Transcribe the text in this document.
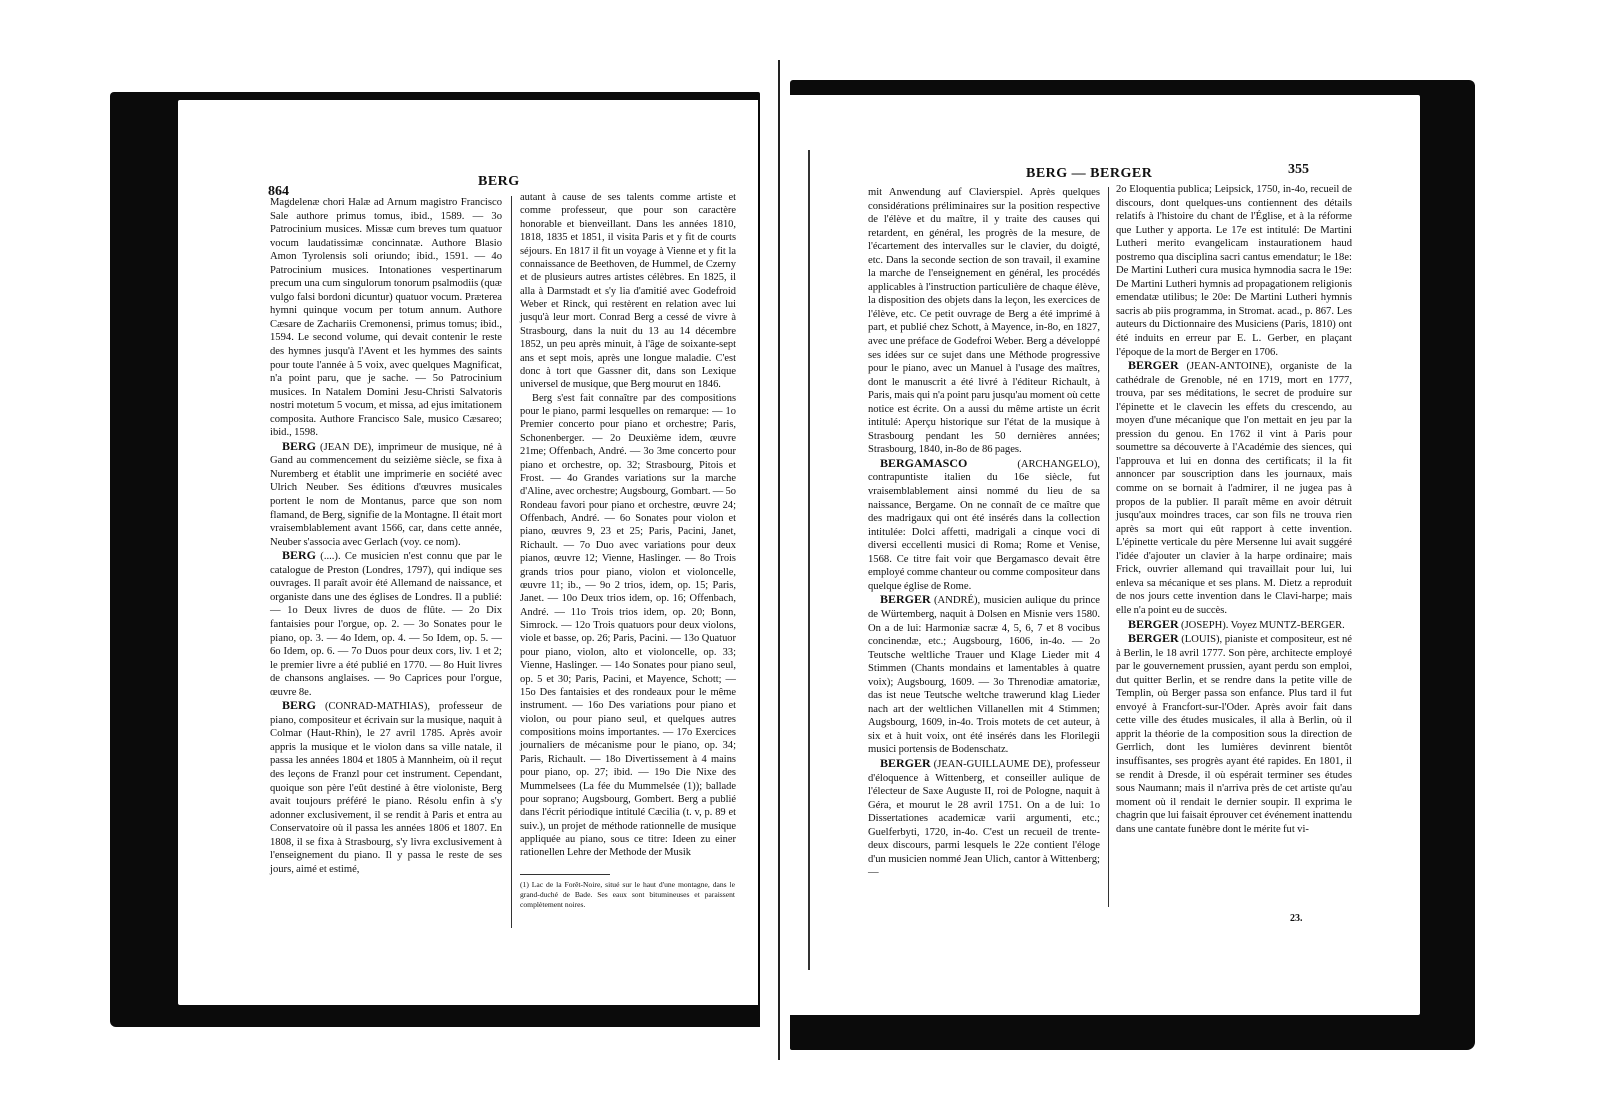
864
BERG

Magdelenæ chori Halæ ad Arnum magistro Francisco Sale authore primus tomus, ibid., 1589. — 3o Patrocinium musices. Missæ cum breves tum quatuor vocum laudatissimæ concinnatæ. Authore Blasio Amon Tyrolensis soli oriundo; ibid., 1591. — 4o Patrocinium musices. Intonationes vespertinarum precum una cum singulorum tonorum psalmodiis (quæ vulgo falsi bordoni dicuntur) quatuor vocum. Præterea hymni quinque vocum per totum annum. Authore Cæsare de Zachariis Cremonensi, primus tomus; ibid., 1594. Le second volume, qui devait contenir le reste des hymnes jusqu'à l'Avent et les hymmes des saints pour toute l'année à 5 voix, avec quelques Magnificat, n'a point paru, que je sache. — 5o Patrocinium musices. In Natalem Domini Jesu-Christi Salvatoris nostri motetum 5 vocum, et missa, ad ejus imitationem composita. Authore Francisco Sale, musico Cæsareo; ibid., 1598.

BERG (JEAN DE), imprimeur de musique, né à Gand au commencement du seizième siècle, se fixa à Nuremberg et établit une imprimerie en société avec Ulrich Neuber. Ses éditions d'œuvres musicales portent le nom de Montanus, parce que son nom flamand, de Berg, signifie de la Montagne. Il était mort vraisemblablement avant 1566, car, dans cette année, Neuber s'associa avec Gerlach (voy. ce nom).

BERG (....). Ce musicien n'est connu que par le catalogue de Preston (Londres, 1797), qui indique ses ouvrages. Il paraît avoir été Allemand de naissance, et organiste dans une des églises de Londres. Il a publié: — 1o Deux livres de duos de flûte. — 2o Dix fantaisies pour l'orgue, op. 2. — 3o Sonates pour le piano, op. 3. — 4o Idem, op. 4. — 5o Idem, op. 5. — 6o Idem, op. 6. — 7o Duos pour deux cors, liv. 1 et 2; le premier livre a été publié en 1770. — 8o Huit livres de chansons anglaises. — 9o Caprices pour l'orgue, œuvre 8e.

BERG (CONRAD-MATHIAS), professeur de piano, compositeur et écrivain sur la musique, naquit à Colmar (Haut-Rhin), le 27 avril 1785. Après avoir appris la musique et le violon dans sa ville natale, il passa les années 1804 et 1805 à Mannheim, où il reçut des leçons de Franzl pour cet instrument. Cependant, quoique son père l'eût destiné à être violoniste, Berg avait toujours préféré le piano. Résolu enfin à s'y adonner exclusivement, il se rendit à Paris et entra au Conservatoire où il passa les années 1806 et 1807. En 1808, il se fixa à Strasbourg, s'y livra exclusivement à l'enseignement du piano. Il y passa le reste de ses jours, aimé et estimé,

autant à cause de ses talents comme artiste et comme professeur, que pour son caractère honorable et bienveillant. Dans les années 1810, 1818, 1835 et 1851, il visita Paris et y fit de courts séjours. En 1817 il fit un voyage à Vienne et y fit la connaissance de Beethoven, de Hummel, de Czerny et de plusieurs autres artistes célèbres. En 1825, il alla à Darmstadt et s'y lia d'amitié avec Godefroid Weber et Rinck, qui restèrent en relation avec lui jusqu'à leur mort. Conrad Berg a cessé de vivre à Strasbourg, dans la nuit du 13 au 14 décembre 1852, un peu après minuit, à l'âge de soixante-sept ans et sept mois, après une longue maladie. C'est donc à tort que Gassner dit, dans son Lexique universel de musique, que Berg mourut en 1846.

Berg s'est fait connaître par des compositions pour le piano, parmi lesquelles on remarque: — 1o Premier concerto pour piano et orchestre; Paris, Schonenberger. — 2o Deuxième idem, œuvre 21me; Offenbach, André. — 3o 3me concerto pour piano et orchestre, op. 32; Strasbourg, Pitois et Frost. — 4o Grandes variations sur la marche d'Aline, avec orchestre; Augsbourg, Gombart. — 5o Rondeau favori pour piano et orchestre, œuvre 24; Offenbach, André. — 6o Sonates pour violon et piano, œuvres 9, 23 et 25; Paris, Pacini, Janet, Richault. — 7o Duo avec variations pour deux pianos, œuvre 12; Vienne, Haslinger. — 8o Trois grands trios pour piano, violon et violoncelle, œuvre 11; ib., — 9o 2 trios, idem, op. 15; Paris, Janet. — 10o Deux trios idem, op. 16; Offenbach, André. — 11o Trois trios idem, op. 20; Bonn, Simrock. — 12o Trois quatuors pour deux violons, viole et basse, op. 26; Paris, Pacini. — 13o Quatuor pour piano, violon, alto et violoncelle, op. 33; Vienne, Haslinger. — 14o Sonates pour piano seul, op. 5 et 30; Paris, Pacini, et Mayence, Schott; — 15o Des fantaisies et des rondeaux pour le même instrument. — 16o Des variations pour piano et violon, ou pour piano seul, et quelques autres compositions moins importantes. — 17o Exercices journaliers de mécanisme pour le piano, op. 34; Paris, Richault. — 18o Divertissement à 4 mains pour piano, op. 27; ibid. — 19o Die Nixe des Mummelsees (La fée du Mummelsée (1)); ballade pour soprano; Augsbourg, Gombert. Berg a publié dans l'écrit périodique intitulé Cæcilia (t. v, p. 89 et suiv.), un projet de méthode rationnelle de musique appliquée au piano, sous ce titre: Ideen zu einer rationellen Lehre der Methode der Musik

(1) Lac de la Forêt-Noire, situé sur le haut d'une montagne, dans le grand-duché de Bade. Ses eaux sont bitumineuses et paraissent complètement noires.
BERG — BERGER	355

mit Anwendung auf Clavierspiel. Après quelques considérations préliminaires sur la position respective de l'élève et du maître, il y traite des causes qui retardent, en général, les progrès de la mesure, de l'écartement des intervalles sur le clavier, du doigté, etc. Dans la seconde section de son travail, il examine la marche de l'enseignement en général, les procédés applicables à l'instruction particulière de chaque élève, la disposition des objets dans la leçon, les exercices de l'élève, etc. Ce petit ouvrage de Berg a été imprimé à part, et publié chez Schott, à Mayence, in-8o, en 1827, avec une préface de Godefroi Weber. Berg a développé ses idées sur ce sujet dans une Méthode progressive pour le piano, avec un Manuel à l'usage des maîtres, dont le manuscrit a été livré à l'éditeur Richault, à Paris, mais qui n'a point paru jusqu'au moment où cette notice est écrite. On a aussi du même artiste un écrit intitulé: Aperçu historique sur l'état de la musique à Strasbourg pendant les 50 dernières années; Strasbourg, 1840, in-8o de 86 pages.

BERGAMASCO (ARCHANGELO), contrapuntiste italien du 16e siècle, fut vraisemblablement ainsi nommé du lieu de sa naissance, Bergame. On ne connaît de ce maître que des madrigaux qui ont été insérés dans la collection intitulée: Dolci affetti, madrigali a cinque voci di diversi eccellenti musici di Roma; Rome et Venise, 1568. Ce titre fait voir que Bergamasco devait être employé comme chanteur ou comme compositeur dans quelque église de Rome.

BERGER (ANDRÉ), musicien aulique du prince de Würtemberg, naquit à Dolsen en Misnie vers 1580. On a de lui: Harmoniæ sacræ 4, 5, 6, 7 et 8 vocibus concinendæ, etc.; Augsbourg, 1606, in-4o. — 2o Teutsche weltliche Trauer und Klage Lieder mit 4 Stimmen (Chants mondains et lamentables à quatre voix); Augsbourg, 1609. — 3o Threnodiæ amatoriæ, das ist neue Teutsche weltche trawerund klag Lieder nach art der weltlichen Villanellen mit 4 Stimmen; Augsbourg, 1609, in-4o. Trois motets de cet auteur, à six et à huit voix, ont été insérés dans les Florilegii musici portensis de Bodenschatz.

BERGER (JEAN-GUILLAUME DE), professeur d'éloquence à Wittenberg, et conseiller aulique de l'électeur de Saxe Auguste II, roi de Pologne, naquit à Géra, et mourut le 28 avril 1751. On a de lui: 1o Dissertationes academicæ varii argumenti, etc.; Guelferbyti, 1720, in-4o. C'est un recueil de trente-deux discours, parmi lesquels le 22e contient l'éloge d'un musicien nommé Jean Ulich, cantor à Wittenberg; —

2o Eloquentia publica; Leipsick, 1750, in-4o, recueil de discours, dont quelques-uns contiennent des détails relatifs à l'histoire du chant de l'Église, et à la réforme que Luther y apporta. Le 17e est intitulé: De Martini Lutheri merito evangelicam instaurationem haud postremo qua disciplina sacri cantus emendatur; le 18e: De Martini Lutheri cura musica hymnodia sacra le 19e: De Martini Lutheri hymnis ad propagationem religionis emendatæ utilibus; le 20e: De Martini Lutheri hymnis sacris ab piis programma, in Stromat. acad., p. 867. Les auteurs du Dictionnaire des Musiciens (Paris, 1810) ont été induits en erreur par E. L. Gerber, en plaçant l'époque de la mort de Berger en 1706.

BERGER (JEAN-ANTOINE), organiste de la cathédrale de Grenoble, né en 1719, mort en 1777, trouva, par ses méditations, le secret de produire sur l'épinette et le clavecin les effets du crescendo, au moyen d'une mécanique que l'on mettait en jeu par la pression du genou. En 1762 il vint à Paris pour soumettre sa découverte à l'Académie des siences, qui l'approuva et lui en donna des certificats; il la fit annoncer par souscription dans les journaux, mais comme on se bornait à l'admirer, il ne jugea pas à propos de la publier. Il paraît même en avoir détruit jusqu'aux moindres traces, car son fils ne trouva rien après sa mort qui eût rapport à cette invention. L'épinette verticale du père Mersenne lui avait suggéré l'idée d'ajouter un clavier à la harpe ordinaire; mais Frick, ouvrier allemand qui travaillait pour lui, lui enleva sa mécanique et ses plans. M. Dietz a reproduit de nos jours cette invention dans le Clavi-harpe; mais elle n'a point eu de succès.

BERGER (JOSEPH). Voyez MUNTZ-BERGER.

BERGER (LOUIS), pianiste et compositeur, est né à Berlin, le 18 avril 1777. Son père, architecte employé par le gouvernement prussien, ayant perdu son emploi, dut quitter Berlin, et se rendre dans la petite ville de Templin, où Berger passa son enfance. Plus tard il fut envoyé à Francfort-sur-l'Oder. Après avoir fait dans cette ville des études musicales, il alla à Berlin, où il apprit la théorie de la composition sous la direction de Gerrlich, dont les lumières devinrent bientôt insuffisantes, ses progrès ayant été rapides. En 1801, il se rendit à Dresde, il où espérait terminer ses études sous Naumann; mais il n'arriva près de cet artiste qu'au moment où il rendait le dernier soupir. Il exprima le chagrin que lui faisait éprouver cet événement inattendu dans une cantate funèbre dont le mérite fut vi-

23.
